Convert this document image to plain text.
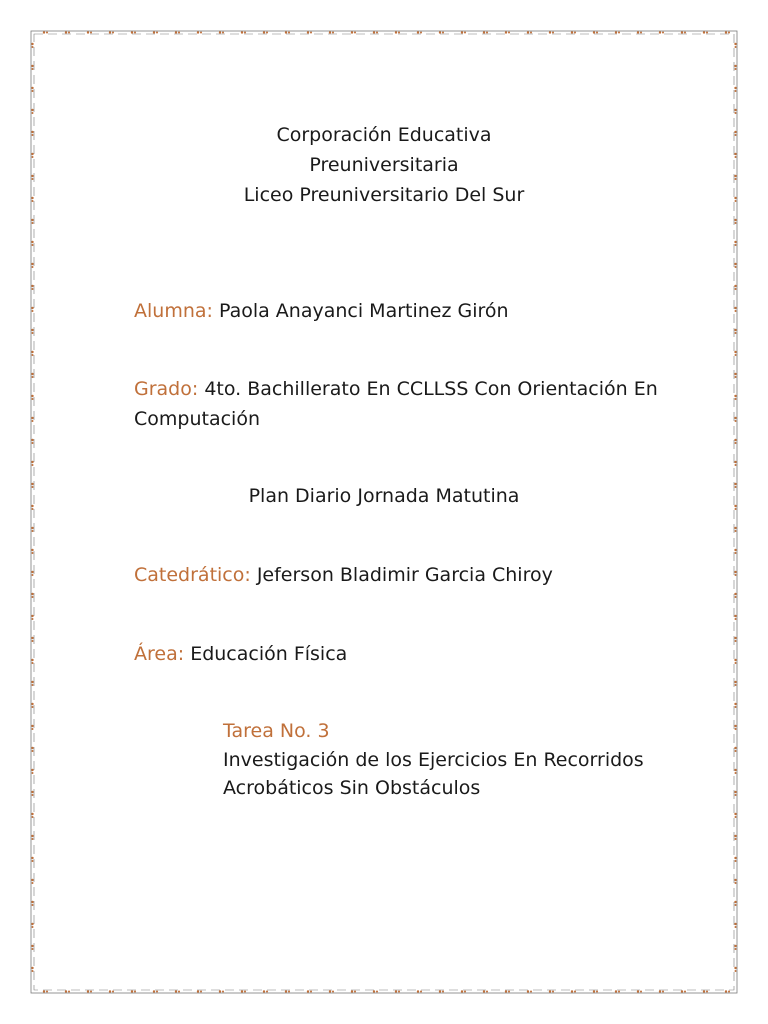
Corporación Educativa
Preuniversitaria
Liceo Preuniversitario Del Sur
Alumna: Paola Anayanci Martinez Girón
Grado: 4to. Bachillerato En CCLLSS Con Orientación En
Computación
Plan Diario Jornada Matutina
Catedrático: Jeferson Bladimir Garcia Chiroy
Área: Educación Física
Tarea No. 3
Investigación de los Ejercicios En Recorridos
Acrobáticos Sin Obstáculos
